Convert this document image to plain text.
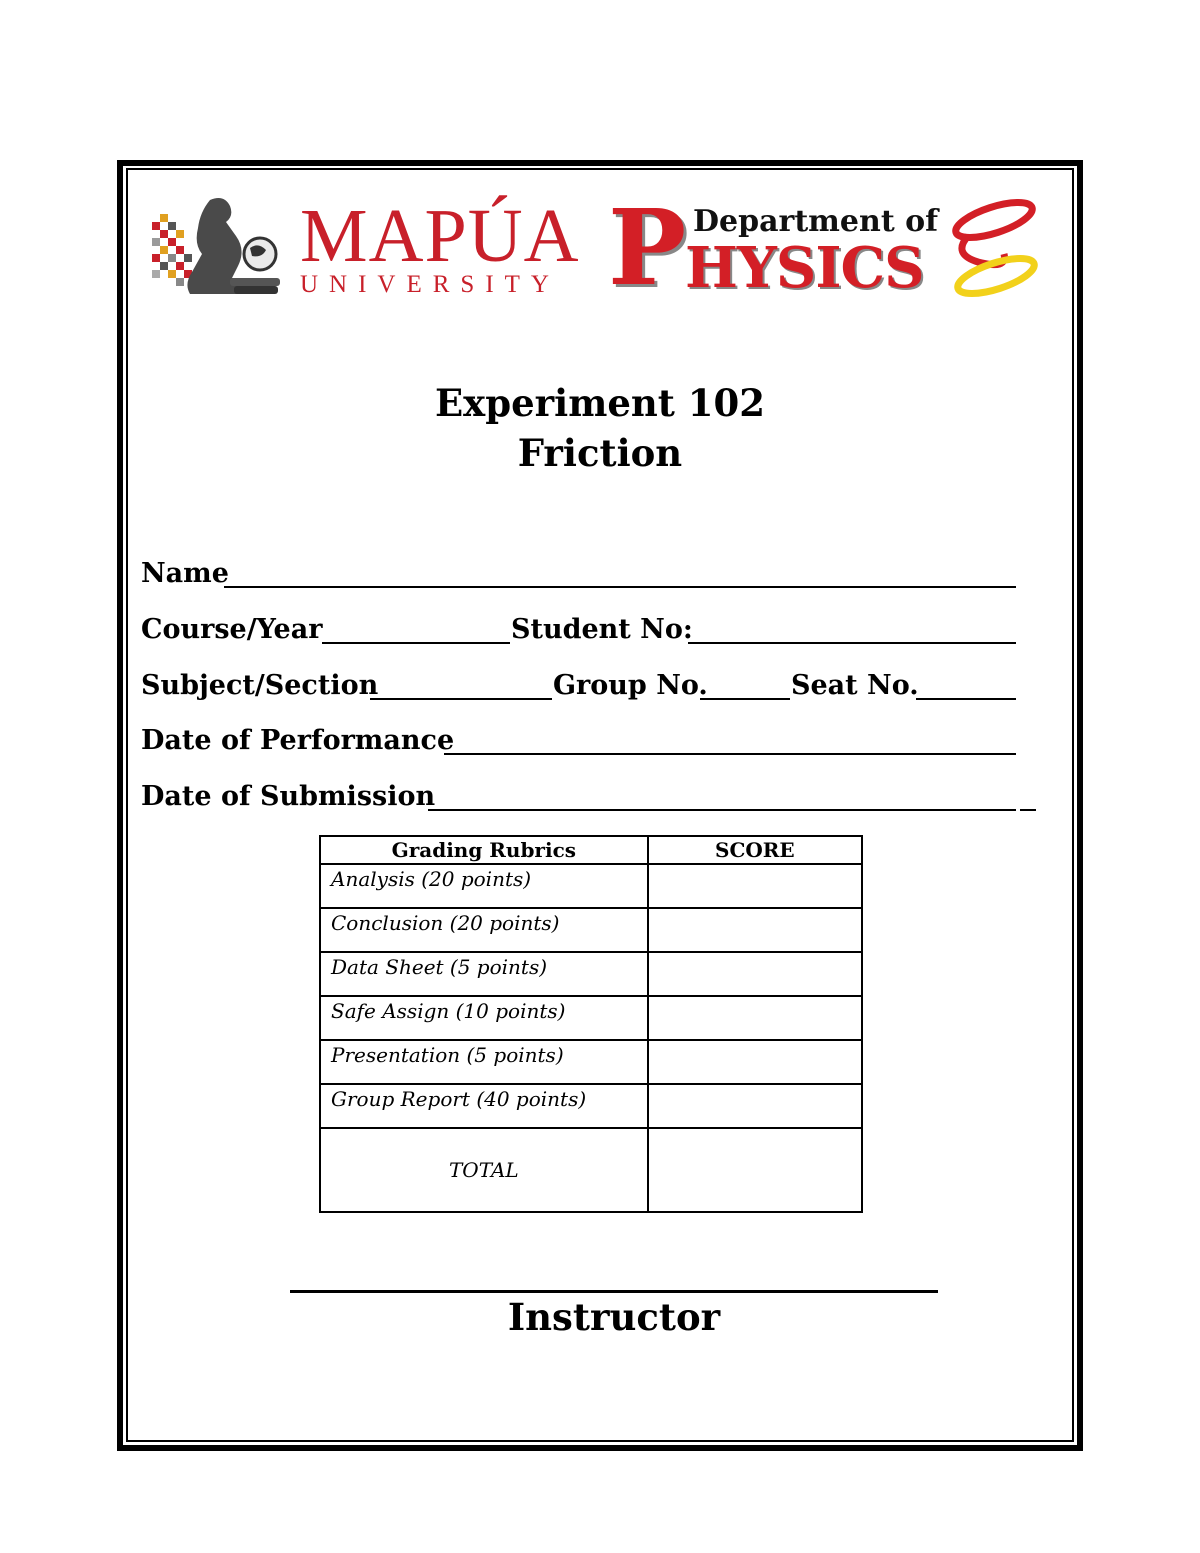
MAPÚA
UNIVERSITY P Department of
HYSICS
Experiment 102
Friction
Name
Course/Year	Student No:
Subject/Section	Group No.	Seat No.
Date of Performance
Date of Submission
Grading Rubrics	SCORE
Analysis (20 points)	
Conclusion (20 points)	
Data Sheet (5 points)	
Safe Assign (10 points)	
Presentation (5 points)	
Group Report (40 points)	
TOTAL	
Instructor
